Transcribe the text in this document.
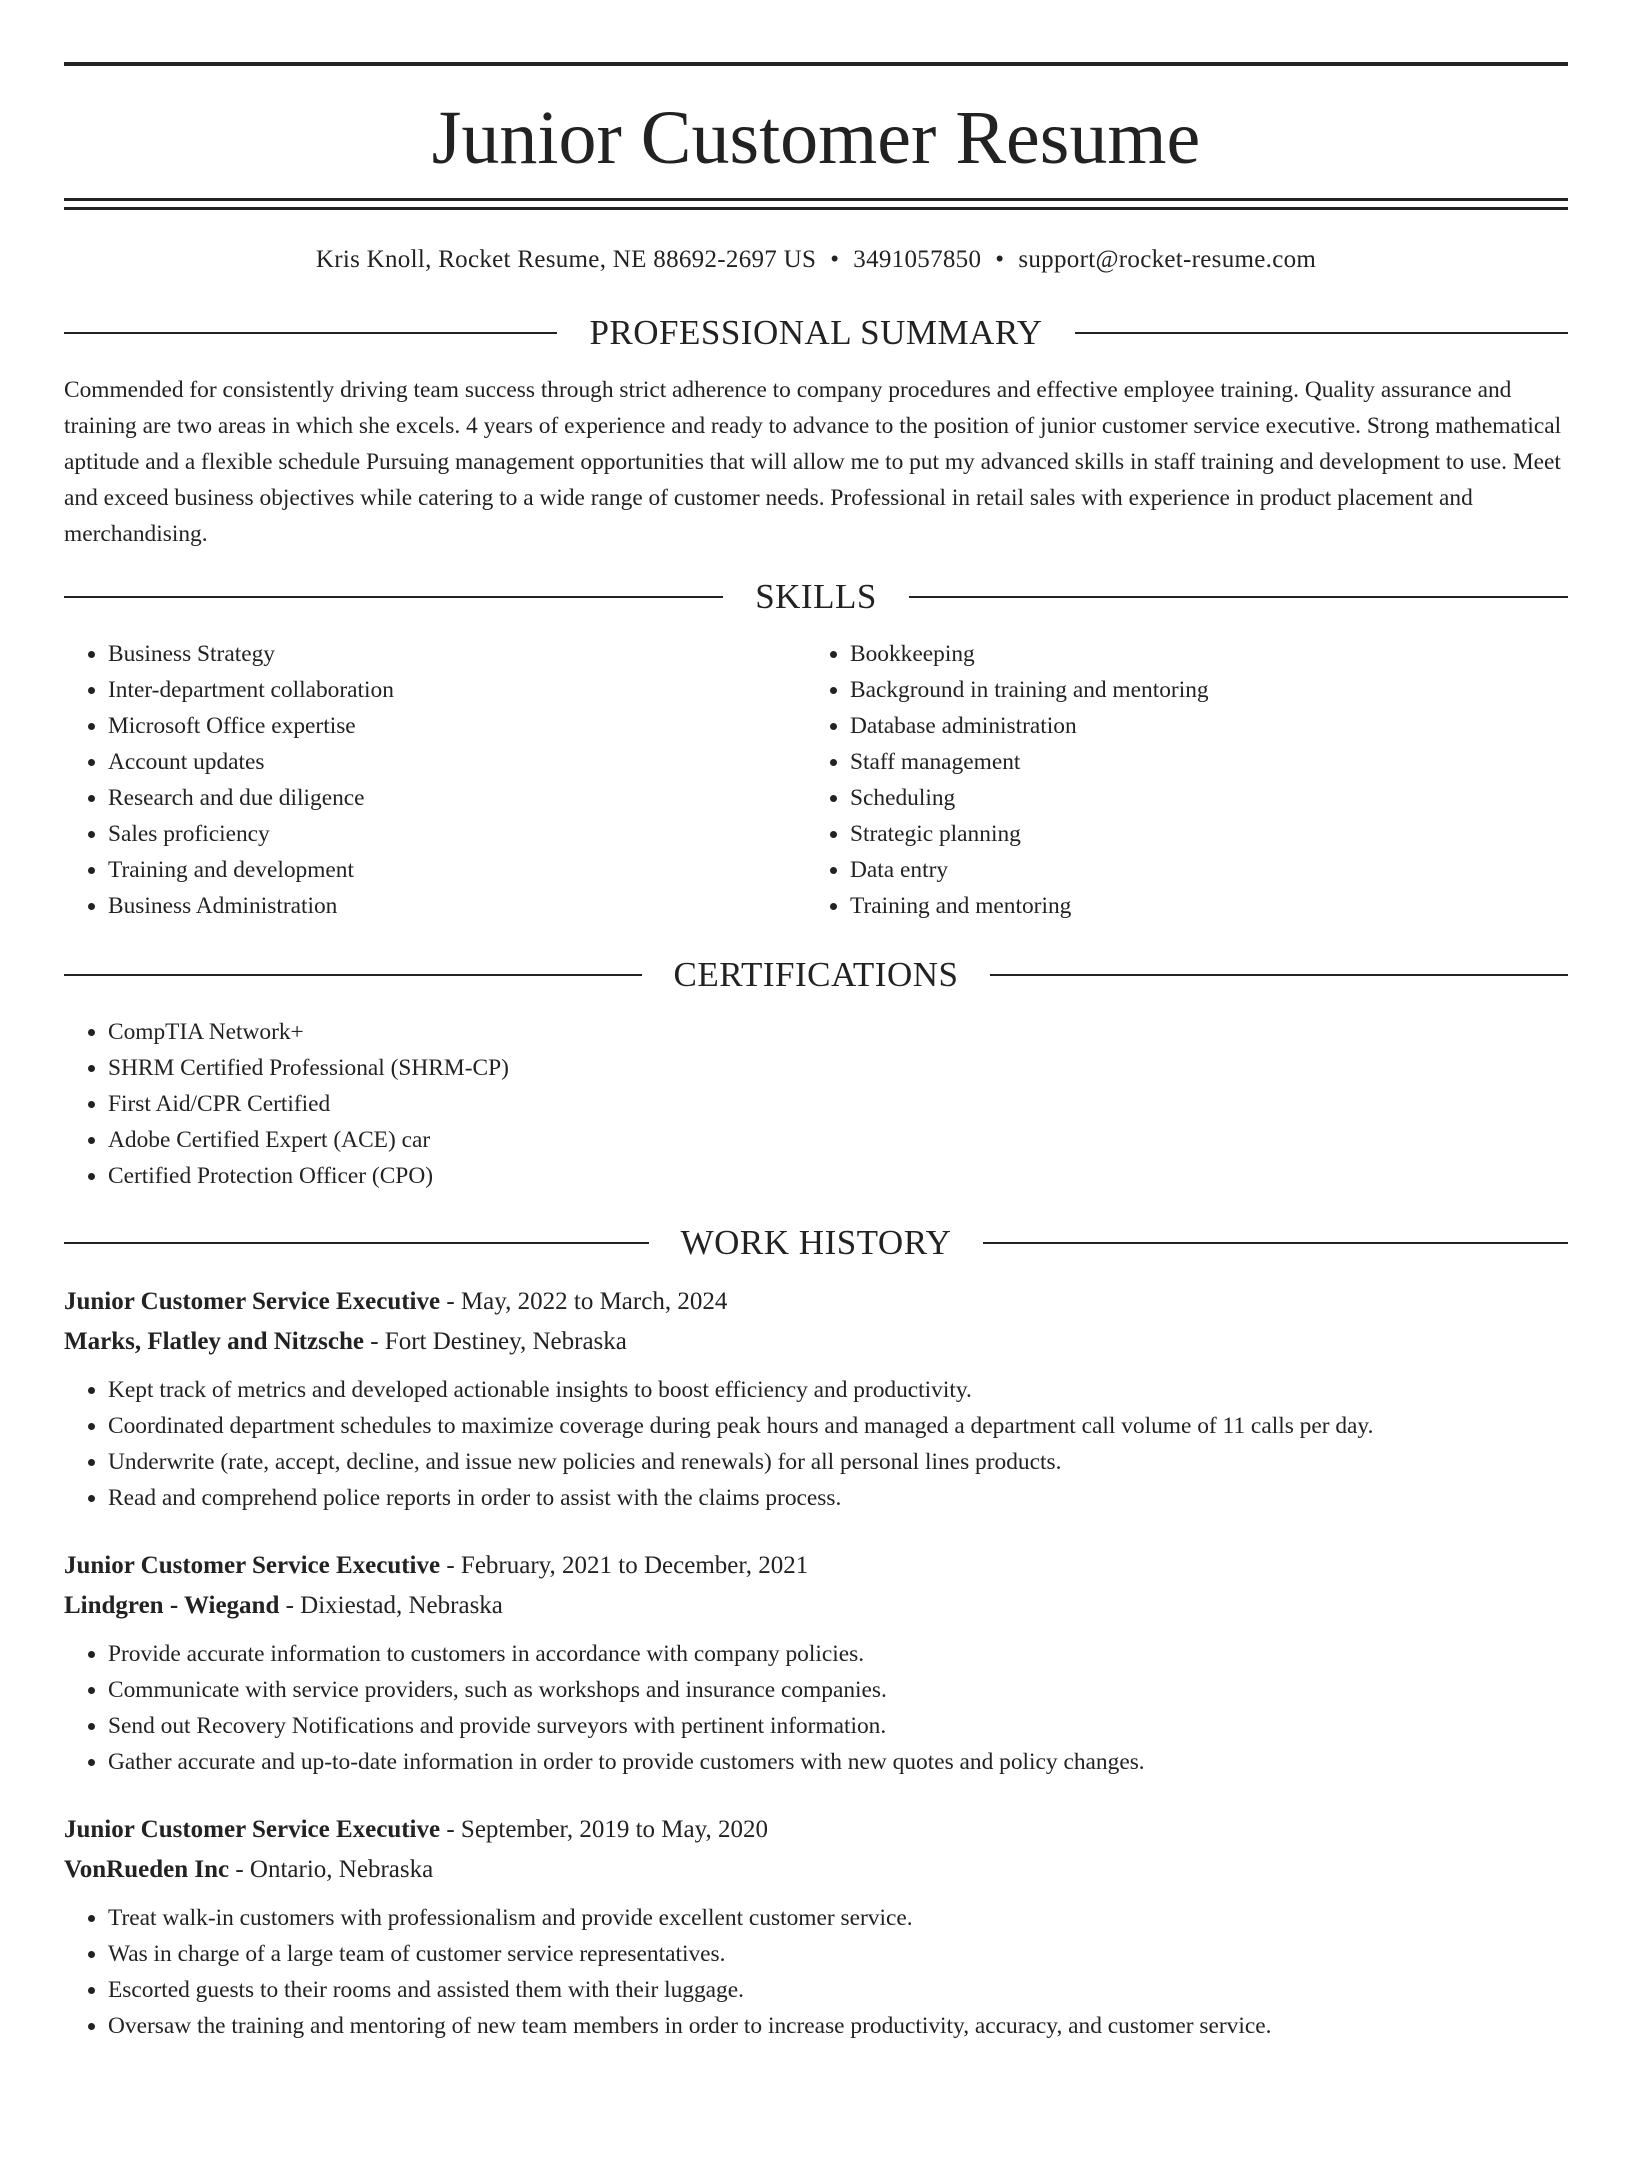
Junior Customer Resume
Kris Knoll, Rocket Resume, NE 88692-2697 US • 3491057850 • support@rocket-resume.com
PROFESSIONAL SUMMARY

Commended for consistently driving team success through strict adherence to company procedures and effective employee training. Quality assurance and training are two areas in which she excels. 4 years of experience and ready to advance to the position of junior customer service executive. Strong mathematical aptitude and a flexible schedule Pursuing management opportunities that will allow me to put my advanced skills in staff training and development to use. Meet and exceed business objectives while catering to a wide range of customer needs. Professional in retail sales with experience in product placement and merchandising.

SKILLS
• Business Strategy
• Inter-department collaboration
• Microsoft Office expertise
• Account updates
• Research and due diligence
• Sales proficiency
• Training and development
• Business Administration
• Bookkeeping
• Background in training and mentoring
• Database administration
• Staff management
• Scheduling
• Strategic planning
• Data entry
• Training and mentoring
CERTIFICATIONS
• CompTIA Network+
• SHRM Certified Professional (SHRM-CP)
• First Aid/CPR Certified
• Adobe Certified Expert (ACE) car
• Certified Protection Officer (CPO)
WORK HISTORY
Junior Customer Service Executive - May, 2022 to March, 2024
Marks, Flatley and Nitzsche - Fort Destiney, Nebraska
• Kept track of metrics and developed actionable insights to boost efficiency and productivity.
• Coordinated department schedules to maximize coverage during peak hours and managed a department call volume of 11 calls per day.
• Underwrite (rate, accept, decline, and issue new policies and renewals) for all personal lines products.
• Read and comprehend police reports in order to assist with the claims process.
Junior Customer Service Executive - February, 2021 to December, 2021
Lindgren - Wiegand - Dixiestad, Nebraska
• Provide accurate information to customers in accordance with company policies.
• Communicate with service providers, such as workshops and insurance companies.
• Send out Recovery Notifications and provide surveyors with pertinent information.
• Gather accurate and up-to-date information in order to provide customers with new quotes and policy changes.
Junior Customer Service Executive - September, 2019 to May, 2020
VonRueden Inc - Ontario, Nebraska
• Treat walk-in customers with professionalism and provide excellent customer service.
• Was in charge of a large team of customer service representatives.
• Escorted guests to their rooms and assisted them with their luggage.
• Oversaw the training and mentoring of new team members in order to increase productivity, accuracy, and customer service.
